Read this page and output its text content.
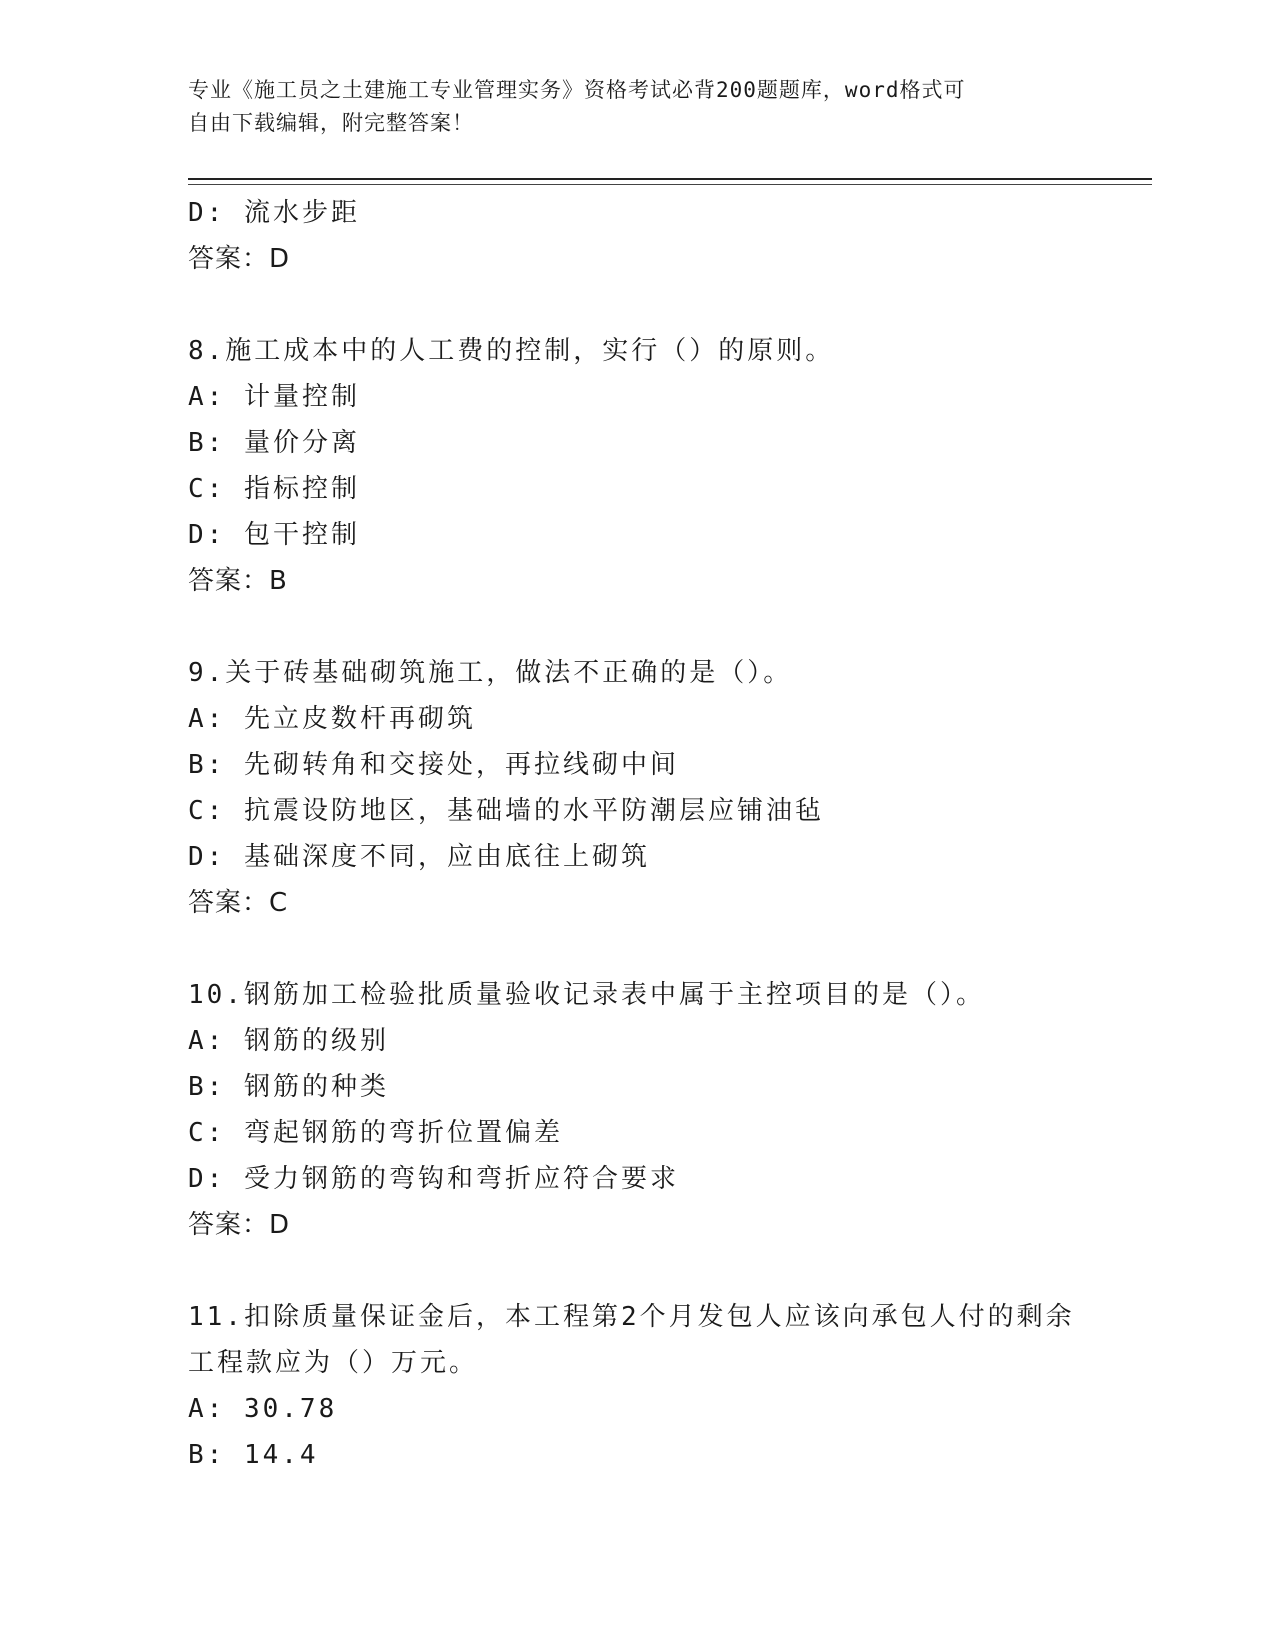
专业《施工员之土建施工专业管理实务》资格考试必背200题题库，word格式可
自由下载编辑，附完整答案！
D: 流水步距
答案：D
8.施工成本中的人工费的控制，实行（）的原则。
A: 计量控制
B: 量价分离
C: 指标控制
D: 包干控制
答案：B
9.关于砖基础砌筑施工，做法不正确的是（）。
A: 先立皮数杆再砌筑
B: 先砌转角和交接处，再拉线砌中间
C: 抗震设防地区，基础墙的水平防潮层应铺油毡
D: 基础深度不同，应由底往上砌筑
答案：C
10.钢筋加工检验批质量验收记录表中属于主控项目的是（）。
A: 钢筋的级别
B: 钢筋的种类
C: 弯起钢筋的弯折位置偏差
D: 受力钢筋的弯钩和弯折应符合要求
答案：D
11.扣除质量保证金后，本工程第2个月发包人应该向承包人付的剩余
工程款应为（）万元。
A: 30.78
B: 14.4
